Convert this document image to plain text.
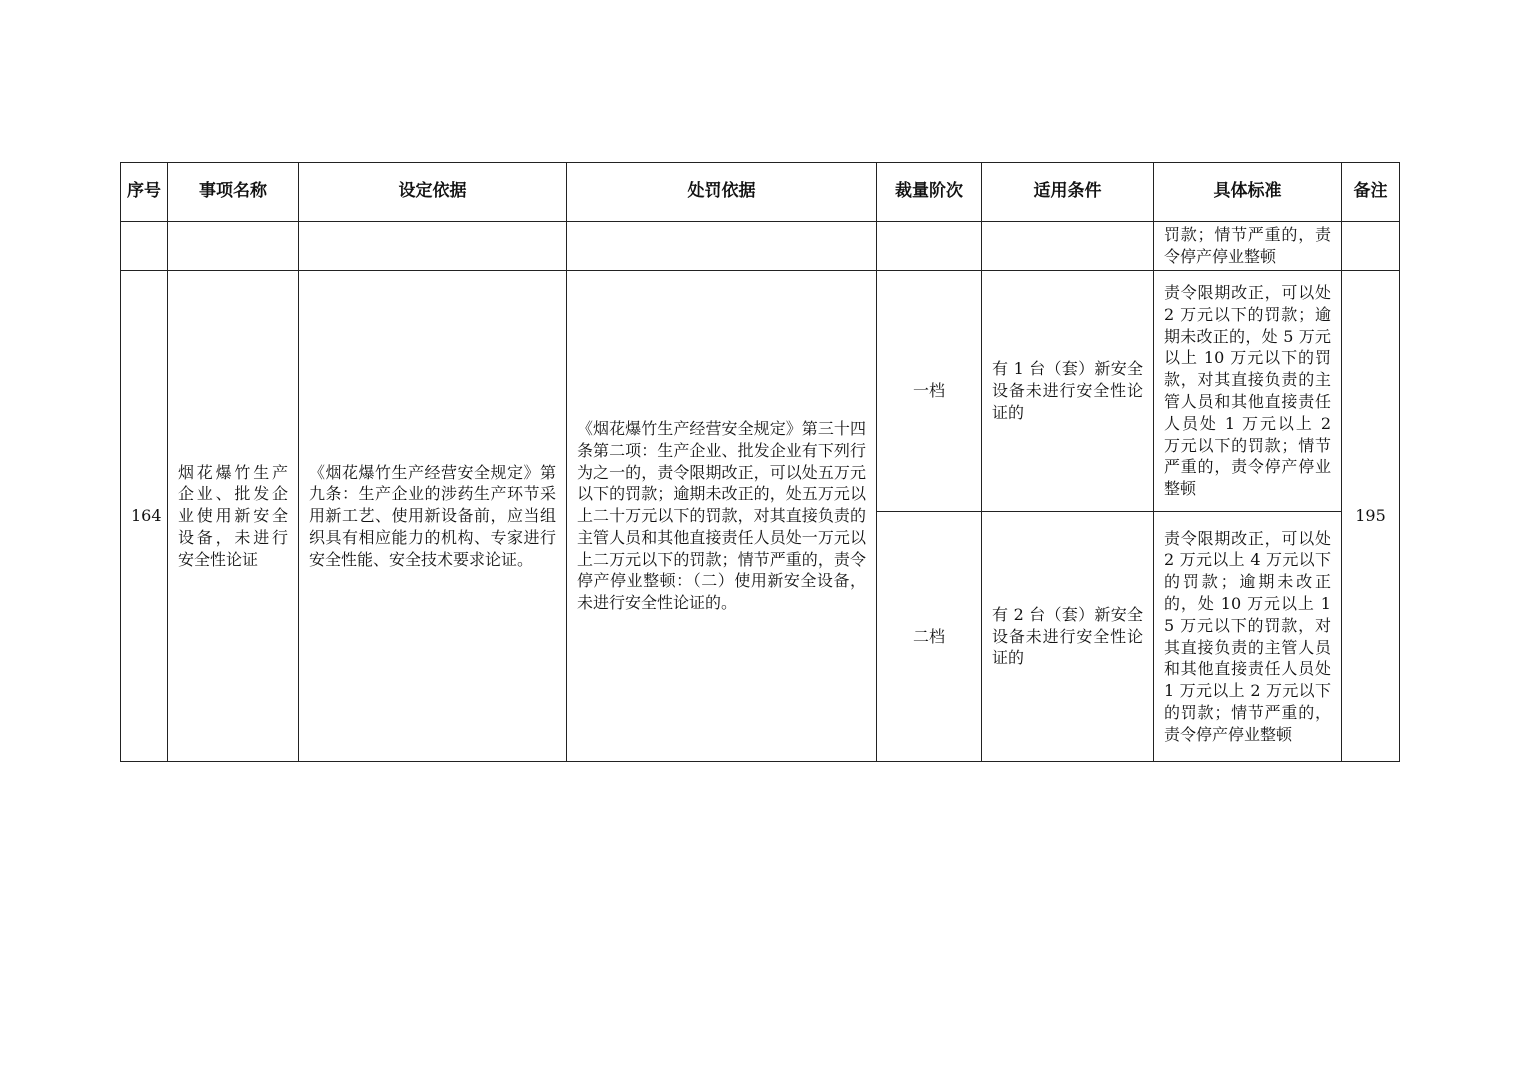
序号	事项名称	设定依据	处罚依据	裁量阶次	适用条件	具体标准	备注
						罚款；情节严重的，责令停产停业整顿	
164	烟花爆竹生产企业、批发企业使用新安全设备，未进行安全性论证	《烟花爆竹生产经营安全规定》第九条：生产企业的涉药生产环节采用新工艺、使用新设备前，应当组织具有相应能力的机构、专家进行安全性能、安全技术要求论证。	《烟花爆竹生产经营安全规定》第三十四条第二项：生产企业、批发企业有下列行为之一的，责令限期改正，可以处五万元以下的罚款；逾期未改正的，处五万元以上二十万元以下的罚款，对其直接负责的主管人员和其他直接责任人员处一万元以上二万元以下的罚款；情节严重的，责令停产停业整顿：（二）使用新安全设备，未进行安全性论证的。	一档	有 1 台（套）新安全设备未进行安全性论证的	责令限期改正，可以处 2 万元以下的罚款；逾期未改正的，处 5 万元以上 10 万元以下的罚款，对其直接负责的主管人员和其他直接责任人员处 1 万元以上 2 万元以下的罚款；情节严重的，责令停产停业整顿	195
				二档	有 2 台（套）新安全设备未进行安全性论证的	责令限期改正，可以处 2 万元以上 4 万元以下的罚款；逾期未改正的，处 10 万元以上 15 万元以下的罚款，对其直接负责的主管人员和其他直接责任人员处 1 万元以上 2 万元以下的罚款；情节严重的，责令停产停业整顿	
